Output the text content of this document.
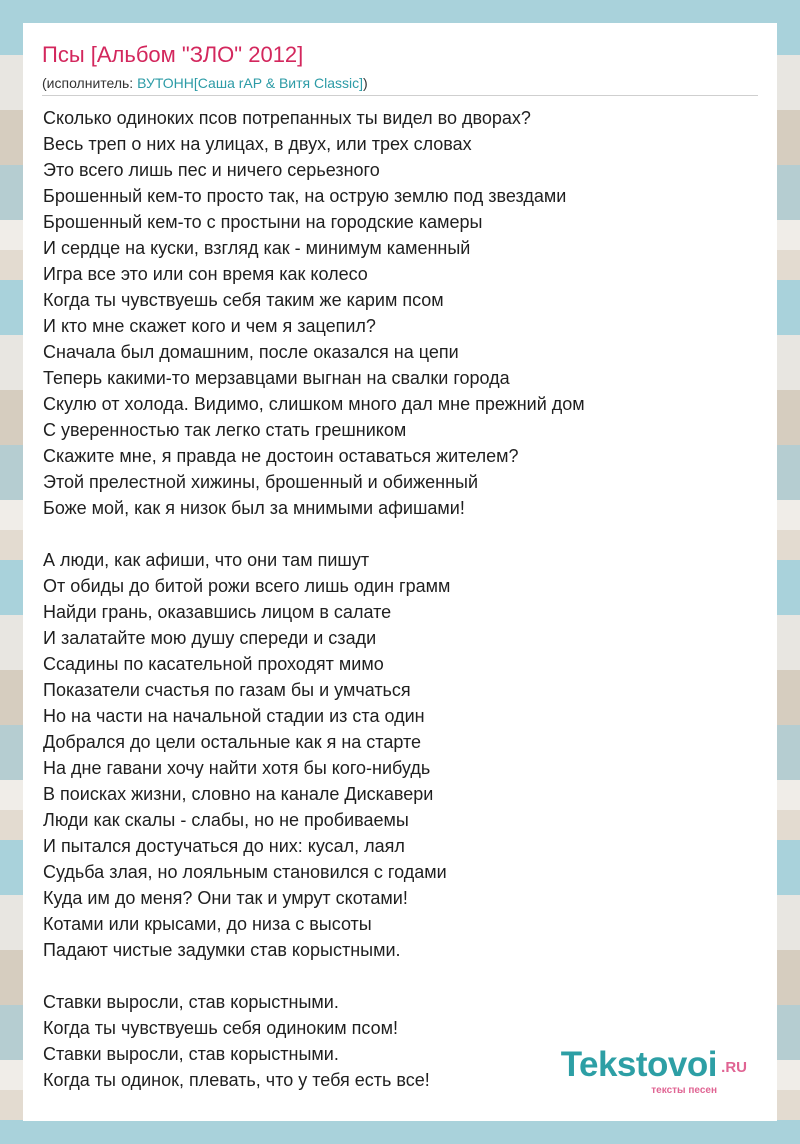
Псы [Альбом "ЗЛО" 2012]
(исполнитель: ВУТОНН[Саша rAP & Витя Classic])
Сколько одиноких псов потрепанных ты видел во дворах?
Весь треп о них на улицах, в двух, или трех словах
Это всего лишь пес и ничего серьезного
Брошенный кем-то просто так, на острую землю под звездами
Брошенный кем-то с простыни на городские камеры
И сердце на куски, взгляд как - минимум каменный
Игра все это или сон время как колесо
Когда ты чувствуешь себя таким же карим псом
И кто мне скажет кого и чем я зацепил?
Сначала был домашним, после оказался на цепи
Теперь какими-то мерзавцами выгнан на свалки города
Скулю от холода. Видимо, слишком много дал мне прежний дом
С уверенностью так легко стать грешником
Скажите мне, я правда не достоин оставаться жителем?
Этой прелестной хижины, брошенный и обиженный
Боже мой, как я низок был за мнимыми афишами!
А люди, как афиши, что они там пишут
От обиды до битой рожи всего лишь один грамм
Найди грань, оказавшись лицом в салате
И залатайте мою душу спереди и сзади
Ссадины по касательной проходят мимо
Показатели счастья по газам бы и умчаться
Но на части на начальной стадии из ста один
Добрался до цели остальные как я на старте
На дне гавани хочу найти хотя бы кого-нибудь
В поисках жизни, словно на канале Дискавери
Люди как скалы - слабы, но не пробиваемы
И пытался достучаться до них: кусал, лаял
Судьба злая, но лояльным становился с годами
Куда им до меня? Они так и умрут скотами!
Котами или крысами, до низа с высоты
Падают чистые задумки став корыстными.
Ставки выросли, став корыстными.
Когда ты чувствуешь себя одиноким псом!
Ставки выросли, став корыстными.
Когда ты одинок, плевать, что у тебя есть все!	Tekstovoi .RU
тексты песен
